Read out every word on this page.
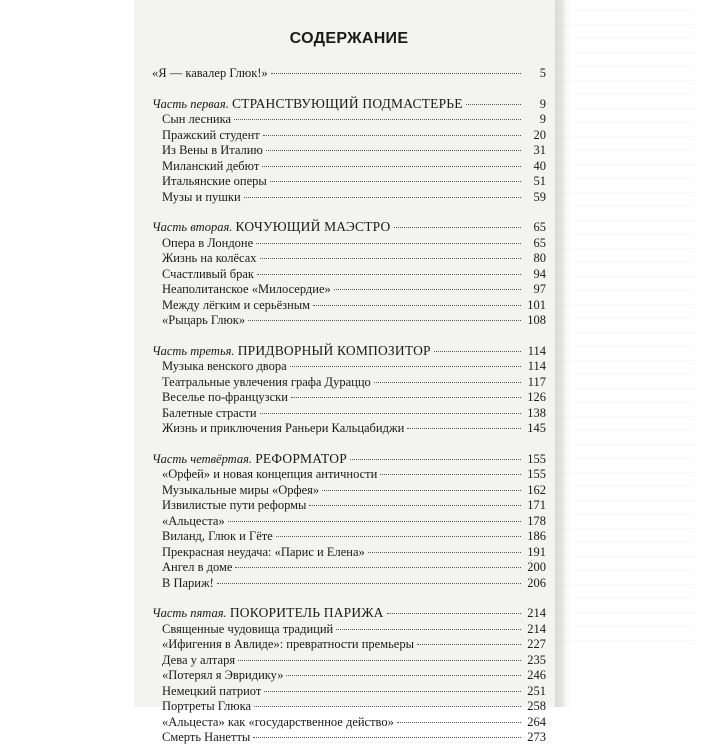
СОДЕРЖАНИЕ
«Я — кавалер Глюк!»	5
Часть первая. СТРАНСТВУЮЩИЙ ПОДМАСТЕРЬЕ	9
Сын лесника	9
Пражский студент	20
Из Вены в Италию	31
Миланский дебют	40
Итальянские оперы	51
Музы и пушки	59
Часть вторая. КОЧУЮЩИЙ МАЭСТРО	65
Опера в Лондоне	65
Жизнь на колёсах	80
Счастливый брак	94
Неаполитанское «Милосердие»	97
Между лёгким и серьёзным	101
«Рыцарь Глюк»	108
Часть третья. ПРИДВОРНЫЙ КОМПОЗИТОР	114
Музыка венского двора	114
Театральные увлечения графа Дураццо	117
Веселье по-французски	126
Балетные страсти	138
Жизнь и приключения Раньери Кальцабиджи	145
Часть четвёртая. РЕФОРМАТОР	155
«Орфей» и новая концепция античности	155
Музыкальные миры «Орфея»	162
Извилистые пути реформы	171
«Альцеста»	178
Виланд, Глюк и Гёте	186
Прекрасная неудача: «Парис и Елена»	191
Ангел в доме	200
В Париж!	206
Часть пятая. ПОКОРИТЕЛЬ ПАРИЖА	214
Священные чудовища традиций	214
«Ифигения в Авлиде»: превратности премьеры	227
Дева у алтаря	235
«Потерял я Эвридику»	246
Немецкий патриот	251
Портреты Глюка	258
«Альцеста» как «государственное действо»	264
Смерть Нанетты	273
